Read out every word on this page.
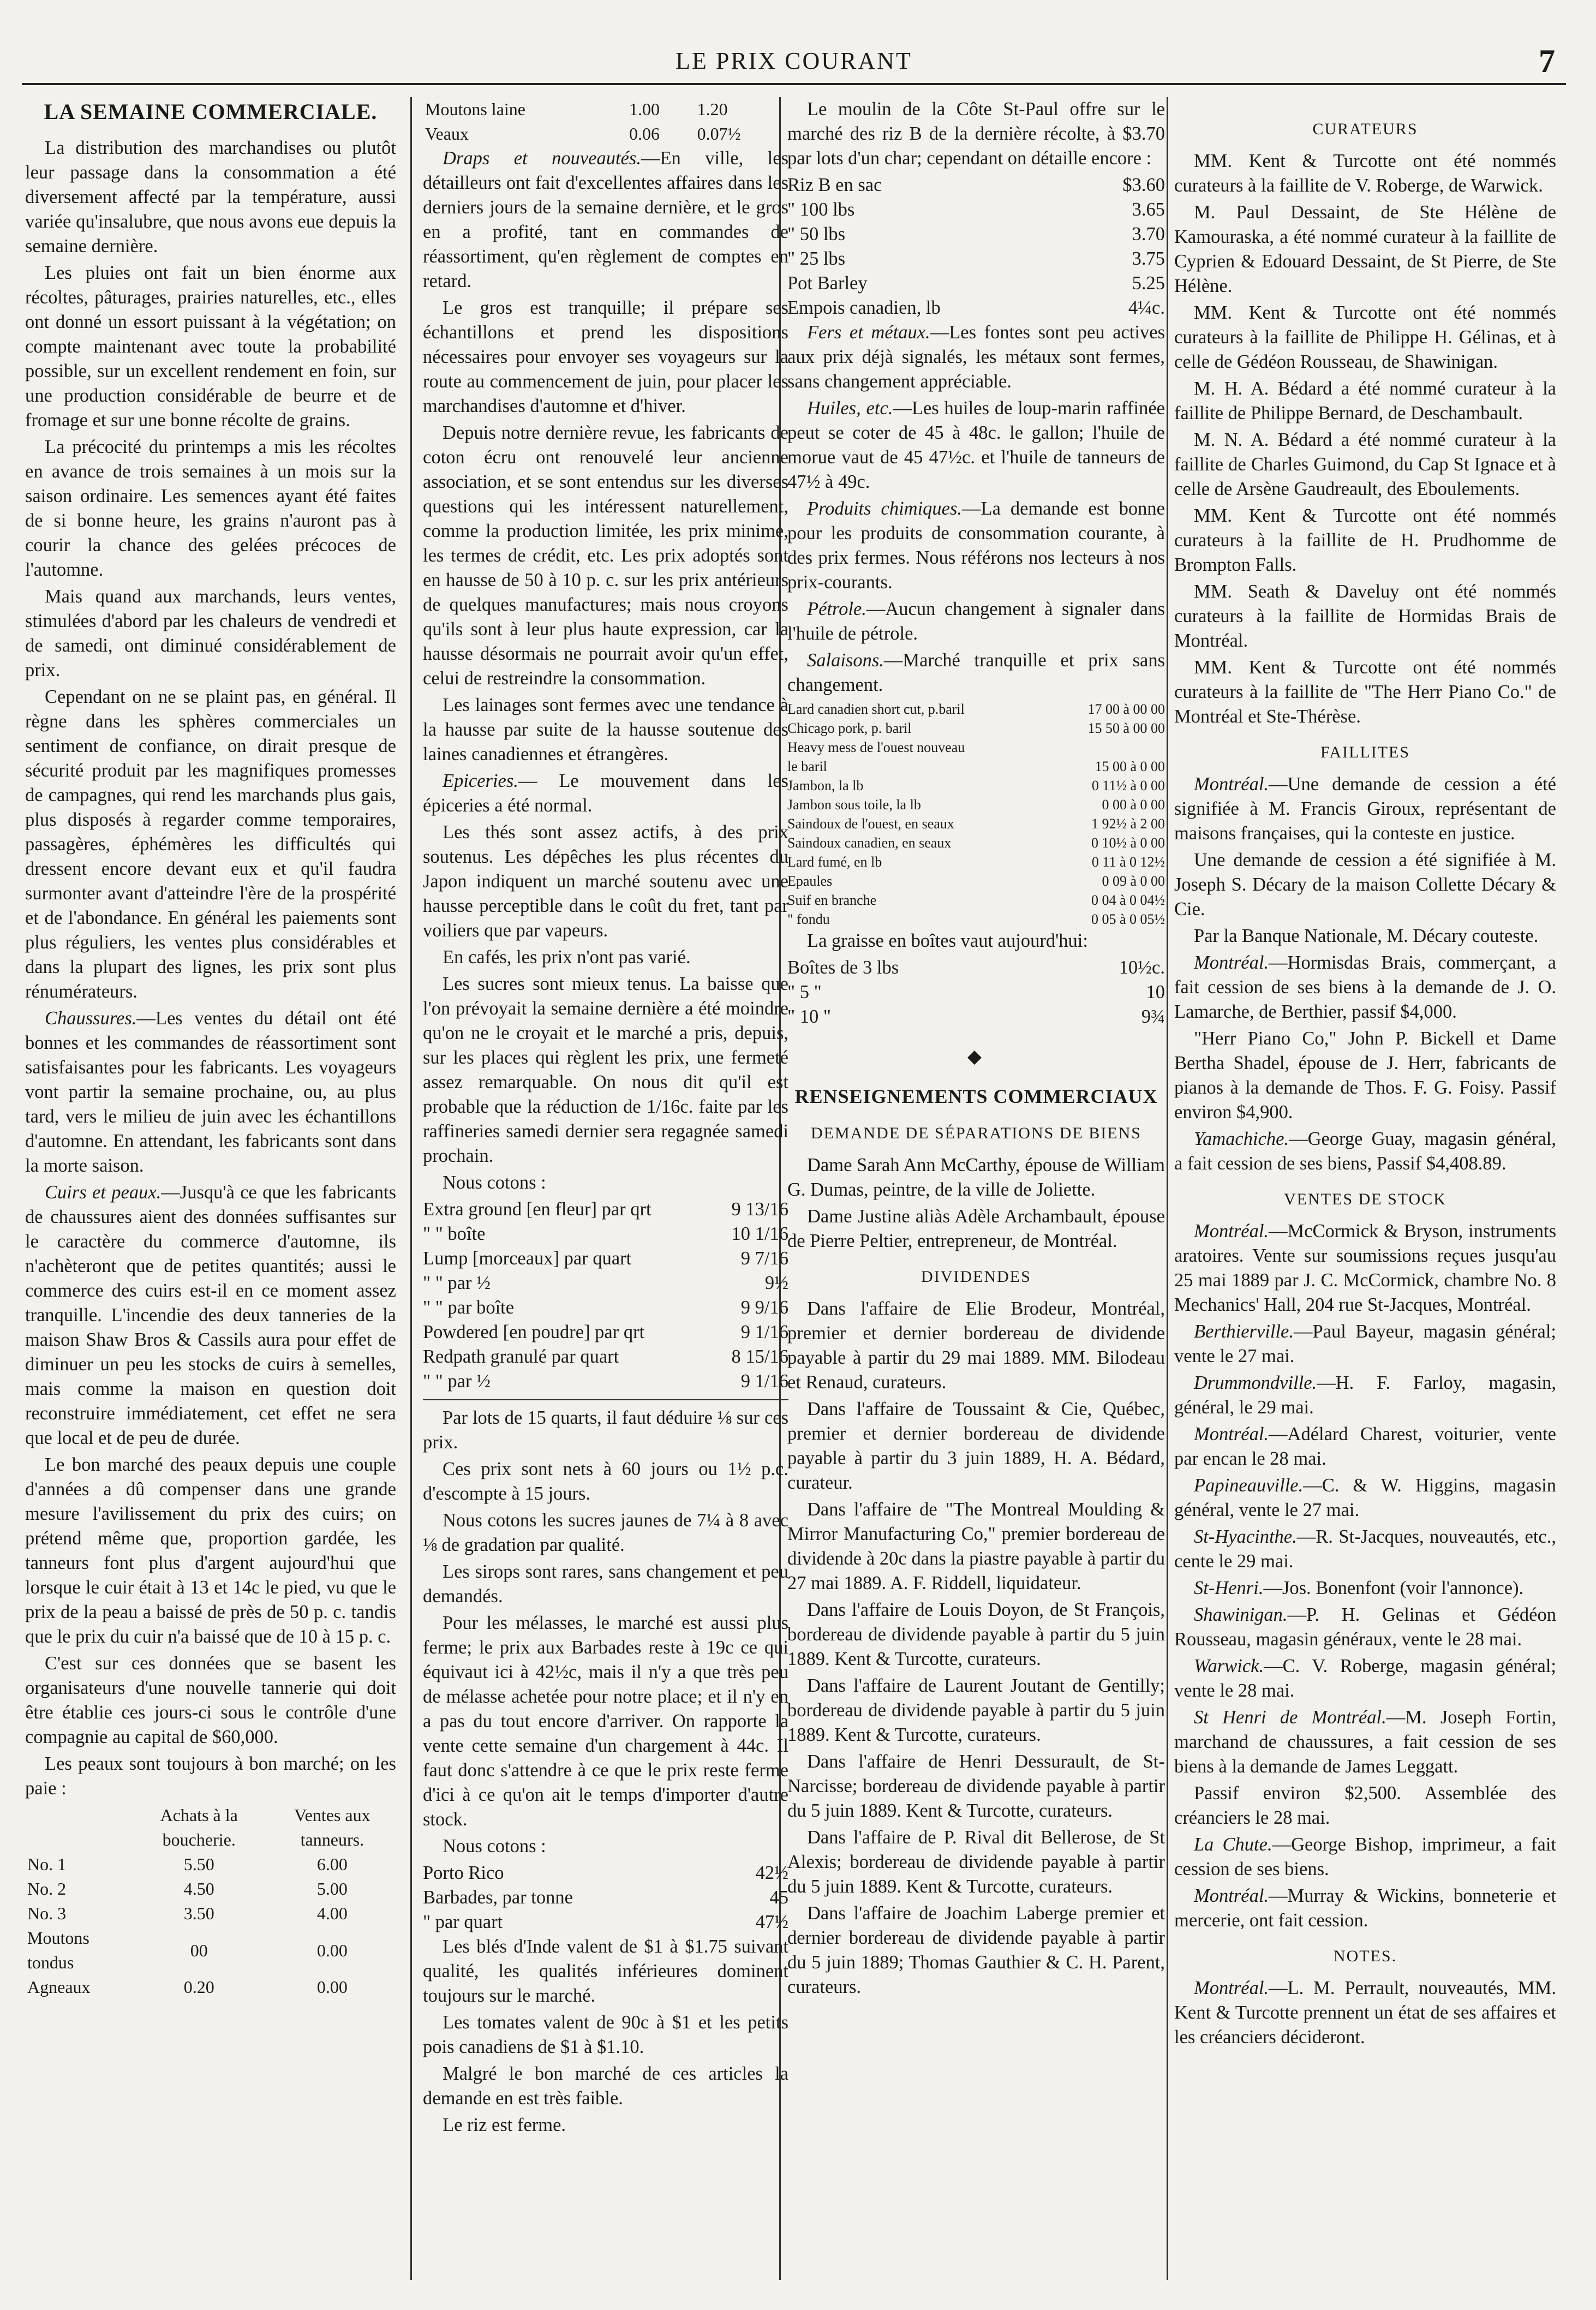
LE PRIX COURANT	7
LA SEMAINE COMMERCIALE.

La distribution des marchandises ou plutôt leur passage dans la consommation a été diversement affecté par la température, aussi variée qu'insalubre, que nous avons eue depuis la semaine dernière.

Les pluies ont fait un bien énorme aux récoltes, pâturages, prairies naturelles, etc., elles ont donné un essort puissant à la végétation; on compte maintenant avec toute la probabilité possible, sur un excellent rendement en foin, sur une production considérable de beurre et de fromage et sur une bonne récolte de grains.

La précocité du printemps a mis les récoltes en avance de trois semaines à un mois sur la saison ordinaire. Les semences ayant été faites de si bonne heure, les grains n'auront pas à courir la chance des gelées précoces de l'automne.

Mais quand aux marchands, leurs ventes, stimulées d'abord par les chaleurs de vendredi et de samedi, ont diminué considérablement de prix.

Cependant on ne se plaint pas, en général. Il règne dans les sphères commerciales un sentiment de confiance, on dirait presque de sécurité produit par les magnifiques promesses de campagnes, qui rend les marchands plus gais, plus disposés à regarder comme temporaires, passagères, éphémères les difficultés qui dressent encore devant eux et qu'il faudra surmonter avant d'atteindre l'ère de la prospérité et de l'abondance. En général les paiements sont plus réguliers, les ventes plus considérables et dans la plupart des lignes, les prix sont plus rénumérateurs.

Chaussures.—Les ventes du détail ont été bonnes et les commandes de réassortiment sont satisfaisantes pour les fabricants. Les voyageurs vont partir la semaine prochaine, ou, au plus tard, vers le milieu de juin avec les échantillons d'automne. En attendant, les fabricants sont dans la morte saison.

Cuirs et peaux.—Jusqu'à ce que les fabricants de chaussures aient des données suffisantes sur le caractère du commerce d'automne, ils n'achèteront que de petites quantités; aussi le commerce des cuirs est-il en ce moment assez tranquille. L'incendie des deux tanneries de la maison Shaw Bros & Cassils aura pour effet de diminuer un peu les stocks de cuirs à semelles, mais comme la maison en question doit reconstruire immédiatement, cet effet ne sera que local et de peu de durée.

Le bon marché des peaux depuis une couple d'années a dû compenser dans une grande mesure l'avilissement du prix des cuirs; on prétend même que, proportion gardée, les tanneurs font plus d'argent aujourd'hui que lorsque le cuir était à 13 et 14c le pied, vu que le prix de la peau a baissé de près de 50 p. c. tandis que le prix du cuir n'a baissé que de 10 à 15 p. c.

C'est sur ces données que se basent les organisateurs d'une nouvelle tannerie qui doit être établie ces jours-ci sous le contrôle d'une compagnie au capital de $60,000.

Les peaux sont toujours à bon marché; on les paie :

	Achats à la boucherie.	Ventes aux tanneurs.
No. 1	5.50	6.00
No. 2	4.50	5.00
No. 3	3.50	4.00
Moutons tondus	00	0.00
Agneaux	0.20	0.00
Moutons laine	1.00	1.20
Veaux	0.06	0.07½

Draps et nouveautés.—En ville, les détailleurs ont fait d'excellentes affaires dans les derniers jours de la semaine dernière, et le gros en a profité, tant en commandes de réassortiment, qu'en règlement de comptes en retard.

Le gros est tranquille; il prépare ses échantillons et prend les dispositions nécessaires pour envoyer ses voyageurs sur la route au commencement de juin, pour placer les marchandises d'automne et d'hiver.

Depuis notre dernière revue, les fabricants de coton écru ont renouvelé leur ancienne association, et se sont entendus sur les diverses questions qui les intéressent naturellement, comme la production limitée, les prix minime, les termes de crédit, etc. Les prix adoptés sont en hausse de 50 à 10 p. c. sur les prix antérieurs de quelques manufactures; mais nous croyons qu'ils sont à leur plus haute expression, car la hausse désormais ne pourrait avoir qu'un effet, celui de restreindre la consommation.

Les lainages sont fermes avec une tendance à la hausse par suite de la hausse soutenue des laines canadiennes et étrangères.

Epiceries.— Le mouvement dans les épiceries a été normal.

Les thés sont assez actifs, à des prix soutenus. Les dépêches les plus récentes du Japon indiquent un marché soutenu avec une hausse perceptible dans le coût du fret, tant par voiliers que par vapeurs.

En cafés, les prix n'ont pas varié.

Les sucres sont mieux tenus. La baisse que l'on prévoyait la semaine dernière a été moindre qu'on ne le croyait et le marché a pris, depuis, sur les places qui règlent les prix, une fermeté assez remarquable. On nous dit qu'il est probable que la réduction de 1/16c. faite par les raffineries samedi dernier sera regagnée samedi prochain.

Nous cotons :

Extra ground [en fleur] par qrt	9 13/16
" " boîte	10 1/16
Lump [morceaux] par quart	9 7/16
" " par ½	9½
" " par boîte	9 9/16
Powdered [en poudre] par qrt	9 1/16
Redpath granulé par quart	8 15/16
" " par ½	9 1/16

Par lots de 15 quarts, il faut déduire ⅛ sur ces prix.

Ces prix sont nets à 60 jours ou 1½ p.c. d'escompte à 15 jours.

Nous cotons les sucres jaunes de 7¼ à 8 avec ⅛ de gradation par qualité.

Les sirops sont rares, sans changement et peu demandés.

Pour les mélasses, le marché est aussi plus ferme; le prix aux Barbades reste à 19c ce qui équivaut ici à 42½c, mais il n'y a que très peu de mélasse achetée pour notre place; et il n'y en a pas du tout encore d'arriver. On rapporte la vente cette semaine d'un chargement à 44c. Il faut donc s'attendre à ce que le prix reste ferme d'ici à ce qu'on ait le temps d'importer d'autre stock.

Nous cotons :

Porto Rico	42½
Barbades, par tonne	45
" par quart	47½

Les blés d'Inde valent de $1 à $1.75 suivant qualité, les qualités inférieures dominent toujours sur le marché.

Les tomates valent de 90c à $1 et les petits pois canadiens de $1 à $1.10.

Malgré le bon marché de ces articles la demande en est très faible.

Le riz est ferme.

Le moulin de la Côte St-Paul offre sur le marché des riz B de la dernière récolte, à $3.70 par lots d'un char; cependant on détaille encore :

Riz B en sac	$3.60
" 100 lbs	3.65
" 50 lbs	3.70
" 25 lbs	3.75
Pot Barley	5.25
Empois canadien, lb	4¼c.

Fers et métaux.—Les fontes sont peu actives aux prix déjà signalés, les métaux sont fermes, sans changement appréciable.

Huiles, etc.—Les huiles de loup-marin raffinée peut se coter de 45 à 48c. le gallon; l'huile de morue vaut de 45 47½c. et l'huile de tanneurs de 47½ à 49c.

Produits chimiques.—La demande est bonne pour les produits de consommation courante, à des prix fermes. Nous référons nos lecteurs à nos prix-courants.

Pétrole.—Aucun changement à signaler dans l'huile de pétrole.

Salaisons.—Marché tranquille et prix sans changement.

Lard canadien short cut, p.baril	17 00 à 00 00
Chicago pork, p. baril	15 50 à 00 00
Heavy mess de l'ouest nouveau
le baril	15 00 à 0 00
Jambon, la lb	0 11½ à 0 00
Jambon sous toile, la lb	0 00 à 0 00
Saindoux de l'ouest, en seaux	1 92½ à 2 00
Saindoux canadien, en seaux	0 10½ à 0 00
Lard fumé, en lb	0 11 à 0 12½
Epaules	0 09 à 0 00
Suif en branche	0 04 à 0 04½
" fondu	0 05 à 0 05½

La graisse en boîtes vaut aujourd'hui:

Boîtes de 3 lbs	10½c.
" 5 "	10
" 10 "	9¾
◆
RENSEIGNEMENTS COMMERCIAUX
DEMANDE DE SÉPARATIONS DE BIENS

Dame Sarah Ann McCarthy, épouse de William G. Dumas, peintre, de la ville de Joliette.

Dame Justine aliàs Adèle Archambault, épouse de Pierre Peltier, entrepreneur, de Montréal.

DIVIDENDES

Dans l'affaire de Elie Brodeur, Montréal, premier et dernier bordereau de dividende payable à partir du 29 mai 1889. MM. Bilodeau et Renaud, curateurs.

Dans l'affaire de Toussaint & Cie, Québec, premier et dernier bordereau de dividende payable à partir du 3 juin 1889, H. A. Bédard, curateur.

Dans l'affaire de "The Montreal Moulding & Mirror Manufacturing Co," premier bordereau de dividende à 20c dans la piastre payable à partir du 27 mai 1889. A. F. Riddell, liquidateur.

Dans l'affaire de Louis Doyon, de St François, bordereau de dividende payable à partir du 5 juin 1889. Kent & Turcotte, curateurs.

Dans l'affaire de Laurent Joutant de Gentilly; bordereau de dividende payable à partir du 5 juin 1889. Kent & Turcotte, curateurs.

Dans l'affaire de Henri Dessurault, de St-Narcisse; bordereau de dividende payable à partir du 5 juin 1889. Kent & Turcotte, curateurs.

Dans l'affaire de P. Rival dit Bellerose, de St Alexis; bordereau de dividende payable à partir du 5 juin 1889. Kent & Turcotte, curateurs.

Dans l'affaire de Joachim Laberge premier et dernier bordereau de dividende payable à partir du 5 juin 1889; Thomas Gauthier & C. H. Parent, curateurs.

CURATEURS

MM. Kent & Turcotte ont été nommés curateurs à la faillite de V. Roberge, de Warwick.

M. Paul Dessaint, de Ste Hélène de Kamouraska, a été nommé curateur à la faillite de Cyprien & Edouard Dessaint, de St Pierre, de Ste Hélène.

MM. Kent & Turcotte ont été nommés curateurs à la faillite de Philippe H. Gélinas, et à celle de Gédéon Rousseau, de Shawinigan.

M. H. A. Bédard a été nommé curateur à la faillite de Philippe Bernard, de Deschambault.

M. N. A. Bédard a été nommé curateur à la faillite de Charles Guimond, du Cap St Ignace et à celle de Arsène Gaudreault, des Eboulements.

MM. Kent & Turcotte ont été nommés curateurs à la faillite de H. Prudhomme de Brompton Falls.

MM. Seath & Daveluy ont été nommés curateurs à la faillite de Hormidas Brais de Montréal.

MM. Kent & Turcotte ont été nommés curateurs à la faillite de "The Herr Piano Co." de Montréal et Ste-Thérèse.

FAILLITES

Montréal.—Une demande de cession a été signifiée à M. Francis Giroux, représentant de maisons françaises, qui la conteste en justice.

Une demande de cession a été signifiée à M. Joseph S. Décary de la maison Collette Décary & Cie.

Par la Banque Nationale, M. Décary couteste.

Montréal.—Hormisdas Brais, commerçant, a fait cession de ses biens à la demande de J. O. Lamarche, de Berthier, passif $4,000.

"Herr Piano Co," John P. Bickell et Dame Bertha Shadel, épouse de J. Herr, fabricants de pianos à la demande de Thos. F. G. Foisy. Passif environ $4,900.

Yamachiche.—George Guay, magasin général, a fait cession de ses biens, Passif $4,408.89.

VENTES DE STOCK

Montréal.—McCormick & Bryson, instruments aratoires. Vente sur soumissions reçues jusqu'au 25 mai 1889 par J. C. McCormick, chambre No. 8 Mechanics' Hall, 204 rue St-Jacques, Montréal.

Berthierville.—Paul Bayeur, magasin général; vente le 27 mai.

Drummondville.—H. F. Farloy, magasin, général, le 29 mai.

Montréal.—Adélard Charest, voiturier, vente par encan le 28 mai.

Papineauville.—C. & W. Higgins, magasin général, vente le 27 mai.

St-Hyacinthe.—R. St-Jacques, nouveautés, etc., cente le 29 mai.

St-Henri.—Jos. Bonenfont (voir l'annonce).

Shawinigan.—P. H. Gelinas et Gédéon Rousseau, magasin généraux, vente le 28 mai.

Warwick.—C. V. Roberge, magasin général; vente le 28 mai.

St Henri de Montréal.—M. Joseph Fortin, marchand de chaussures, a fait cession de ses biens à la demande de James Leggatt.

Passif environ $2,500. Assemblée des créanciers le 28 mai.

La Chute.—George Bishop, imprimeur, a fait cession de ses biens.

Montréal.—Murray & Wickins, bonneterie et mercerie, ont fait cession.

NOTES.

Montréal.—L. M. Perrault, nouveautés, MM. Kent & Turcotte prennent un état de ses affaires et les créanciers décideront.
